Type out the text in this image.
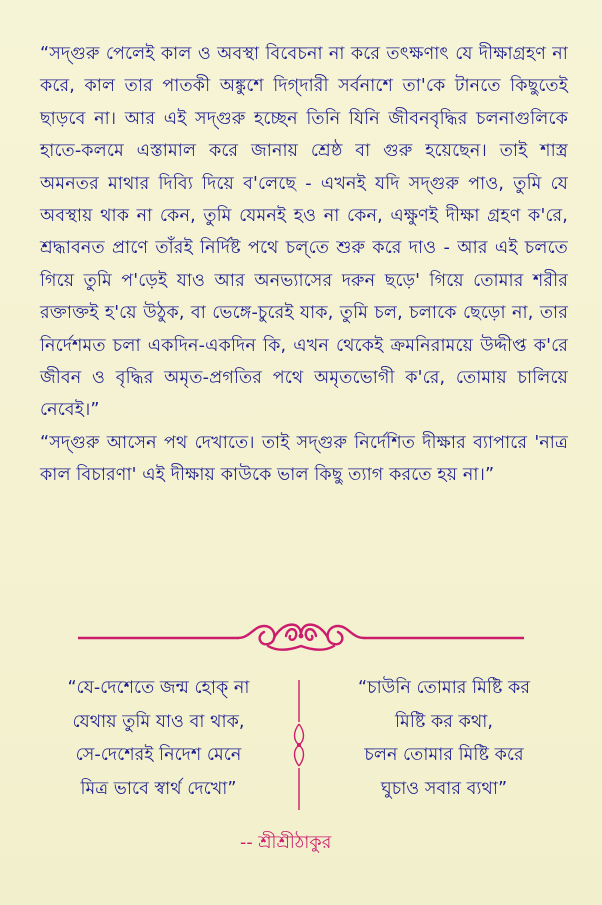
“সদ্গুরু পেলেই কাল ও অবস্থা বিবেচনা না করে তৎক্ষণাৎ যে দীক্ষাগ্রহণ না করে, কাল তার পাতকী অঙ্কুশে দিগ্‌দারী সর্বনাশে তা'কে টানতে কিছুতেই ছাড়বে না। আর এই সদ্গুরু হচ্ছেন তিনি যিনি জীবনবৃদ্ধির চলনাগুলিকে হাতে-কলমে এস্তামাল করে জানায় শ্রেষ্ঠ বা গুরু হয়েছেন। তাই শাস্ত্র অমনতর মাথার দিব্যি দিয়ে ব'লেছে - এখনই যদি সদ্গুরু পাও, তুমি যে অবস্থায় থাক না কেন, তুমি যেমনই হও না কেন, এক্ষুণই দীক্ষা গ্রহণ ক'রে, শ্রদ্ধাবনত প্রাণে তাঁরই নির্দিষ্ট পথে চল্‌তে শুরু করে দাও - আর এই চলতে গিয়ে তুমি প'ড়েই যাও আর অনভ্যাসের দরুন ছড়ে' গিয়ে তোমার শরীর রক্তাক্তই হ'য়ে উঠুক, বা ভেঙ্গে-চুরেই যাক, তুমি চল, চলাকে ছেড়ো না, তার নির্দেশমত চলা একদিন-একদিন কি, এখন থেকেই ক্রমনিরাময়ে উদ্দীপ্ত ক'রে জীবন ও বৃদ্ধির অমৃত-প্রগতির পথে অমৃতভোগী ক'রে, তোমায় চালিয়ে নেবেই।”

“সদ্গুরু আসেন পথ দেখাতে। তাই সদ্গুরু নির্দেশিত দীক্ষার ব্যাপারে 'নাত্র কাল বিচারণা' এই দীক্ষায় কাউকে ভাল কিছু ত্যাগ করতে হয় না।”

“যে-দেশেতে জন্ম হোক্ না
যেথায় তুমি যাও বা থাক,
সে-দেশেরই নিদেশ মেনে
মিত্র ভাবে স্বার্থ দেখো”
“চাউনি তোমার মিষ্টি কর
মিষ্টি কর কথা,
চলন তোমার মিষ্টি করে
ঘুচাও সবার ব্যথা”
-- শ্রীশ্রীঠাকুর
